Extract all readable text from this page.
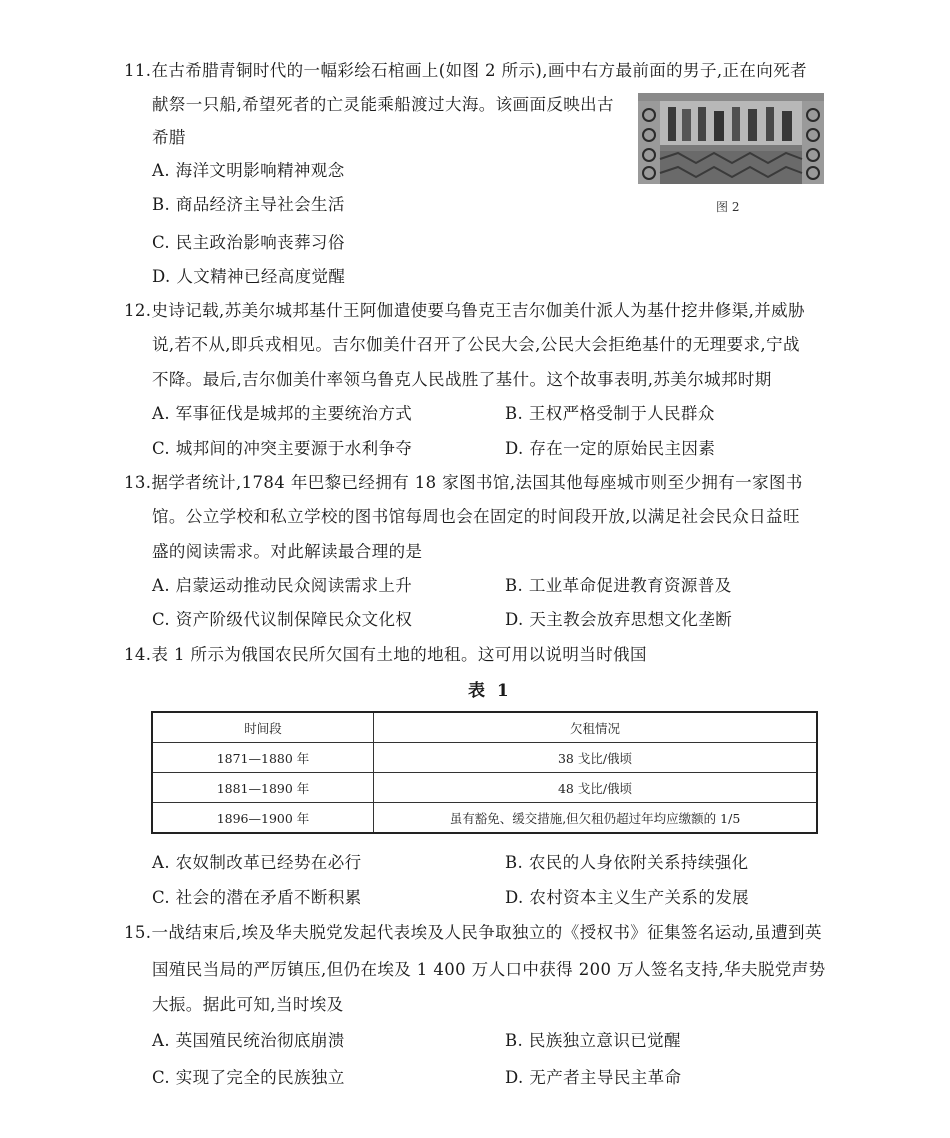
11.在古希腊青铜时代的一幅彩绘石棺画上(如图 2 所示),画中右方最前面的男子,正在向死者
献祭一只船,希望死者的亡灵能乘船渡过大海。该画面反映出古
希腊
A. 海洋文明影响精神观念
B. 商品经济主导社会生活
C. 民主政治影响丧葬习俗
D. 人文精神已经高度觉醒
图 2
12.史诗记载,苏美尔城邦基什王阿伽遣使要乌鲁克王吉尔伽美什派人为基什挖井修渠,并威胁
说,若不从,即兵戎相见。吉尔伽美什召开了公民大会,公民大会拒绝基什的无理要求,宁战
不降。最后,吉尔伽美什率领乌鲁克人民战胜了基什。这个故事表明,苏美尔城邦时期
A. 军事征伐是城邦的主要统治方式	B. 王权严格受制于人民群众
C. 城邦间的冲突主要源于水利争夺	D. 存在一定的原始民主因素
13.据学者统计,1784 年巴黎已经拥有 18 家图书馆,法国其他每座城市则至少拥有一家图书
馆。公立学校和私立学校的图书馆每周也会在固定的时间段开放,以满足社会民众日益旺
盛的阅读需求。对此解读最合理的是
A. 启蒙运动推动民众阅读需求上升	B. 工业革命促进教育资源普及
C. 资产阶级代议制保障民众文化权	D. 天主教会放弃思想文化垄断
14.表 1 所示为俄国农民所欠国有土地的地租。这可用以说明当时俄国
表 1
时间段	欠租情况
1871—1880 年	38 戈比/俄顷
1881—1890 年	48 戈比/俄顷
1896—1900 年	虽有豁免、缓交措施,但欠租仍超过年均应缴额的 1/5
A. 农奴制改革已经势在必行	B. 农民的人身依附关系持续强化
C. 社会的潜在矛盾不断积累	D. 农村资本主义生产关系的发展
15.一战结束后,埃及华夫脱党发起代表埃及人民争取独立的《授权书》征集签名运动,虽遭到英
国殖民当局的严厉镇压,但仍在埃及 1 400 万人口中获得 200 万人签名支持,华夫脱党声势
大振。据此可知,当时埃及
A. 英国殖民统治彻底崩溃	B. 民族独立意识已觉醒
C. 实现了完全的民族独立	D. 无产者主导民主革命
